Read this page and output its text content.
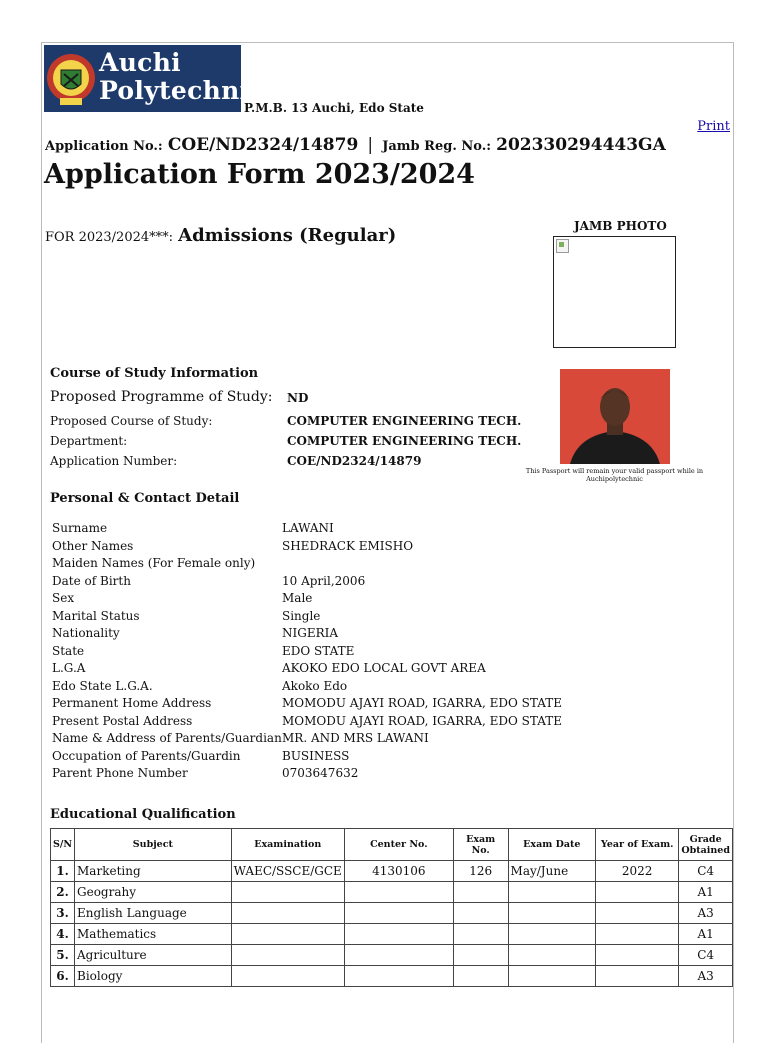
Auchi
Polytechnic
P.M.B. 13 Auchi, Edo State
Print
Application No.: COE/ND2324/14879 | Jamb Reg. No.: 202330294443GA
Application Form 2023/2024
FOR 2023/2024***: Admissions (Regular)	JAMB PHOTO
This Passport will remain your valid passport while in Auchipolytechnic
Course of Study Information
Proposed Programme of Study: ND
Proposed Course of Study:	COMPUTER ENGINEERING TECH.
Department:	COMPUTER ENGINEERING TECH.
Application Number:	COE/ND2324/14879
Personal & Contact Detail
Surname	LAWANI
Other Names	SHEDRACK EMISHO
Maiden Names (For Female only)
Date of Birth	10 April,2006
Sex	Male
Marital Status	Single
Nationality	NIGERIA
State	EDO STATE
L.G.A	AKOKO EDO LOCAL GOVT AREA
Edo State L.G.A.	Akoko Edo
Permanent Home Address	MOMODU AJAYI ROAD, IGARRA, EDO STATE
Present Postal Address	MOMODU AJAYI ROAD, IGARRA, EDO STATE
Name & Address of Parents/Guardian MR. AND MRS LAWANI
Occupation of Parents/Guardin	BUSINESS
Parent Phone Number	0703647632
Educational Qualification
S/N	Subject	Examination	Center No.	Exam No.	Exam Date	Year of Exam.	Grade Obtained
1.	Marketing	WAEC/SSCE/GCE	4130106	126	May/June	2022	C4
2.	Geograhy						A1
3.	English Language						A3
4.	Mathematics						A1
5.	Agriculture						C4
6.	Biology						A3
